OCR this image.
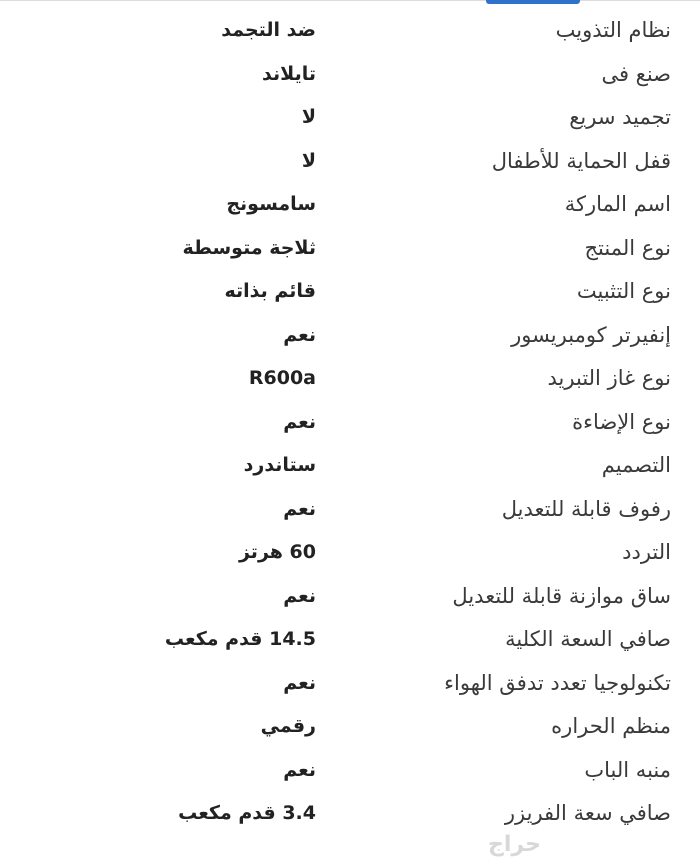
نظام التذويب
ضد التجمد
صنع فى
تايلاند
تجميد سريع
لا
قفل الحماية للأطفال
لا
اسم الماركة
سامسونج
نوع المنتج
ثلاجة متوسطة
نوع التثبيت
قائم بذاته
إنفيرتر كومبريسور
نعم
نوع غاز التبريد
R600a
نوع الإضاءة
نعم
التصميم
ستاندرد
رفوف قابلة للتعديل
نعم
التردد
60 هرتز
ساق موازنة قابلة للتعديل
نعم
صافي السعة الكلية
14.5 قدم مكعب
تكنولوجيا تعدد تدفق الهواء
نعم
منظم الحراره
رقمي
منبه الباب
نعم
صافي سعة الفريزر
3.4 قدم مكعب
حراج
